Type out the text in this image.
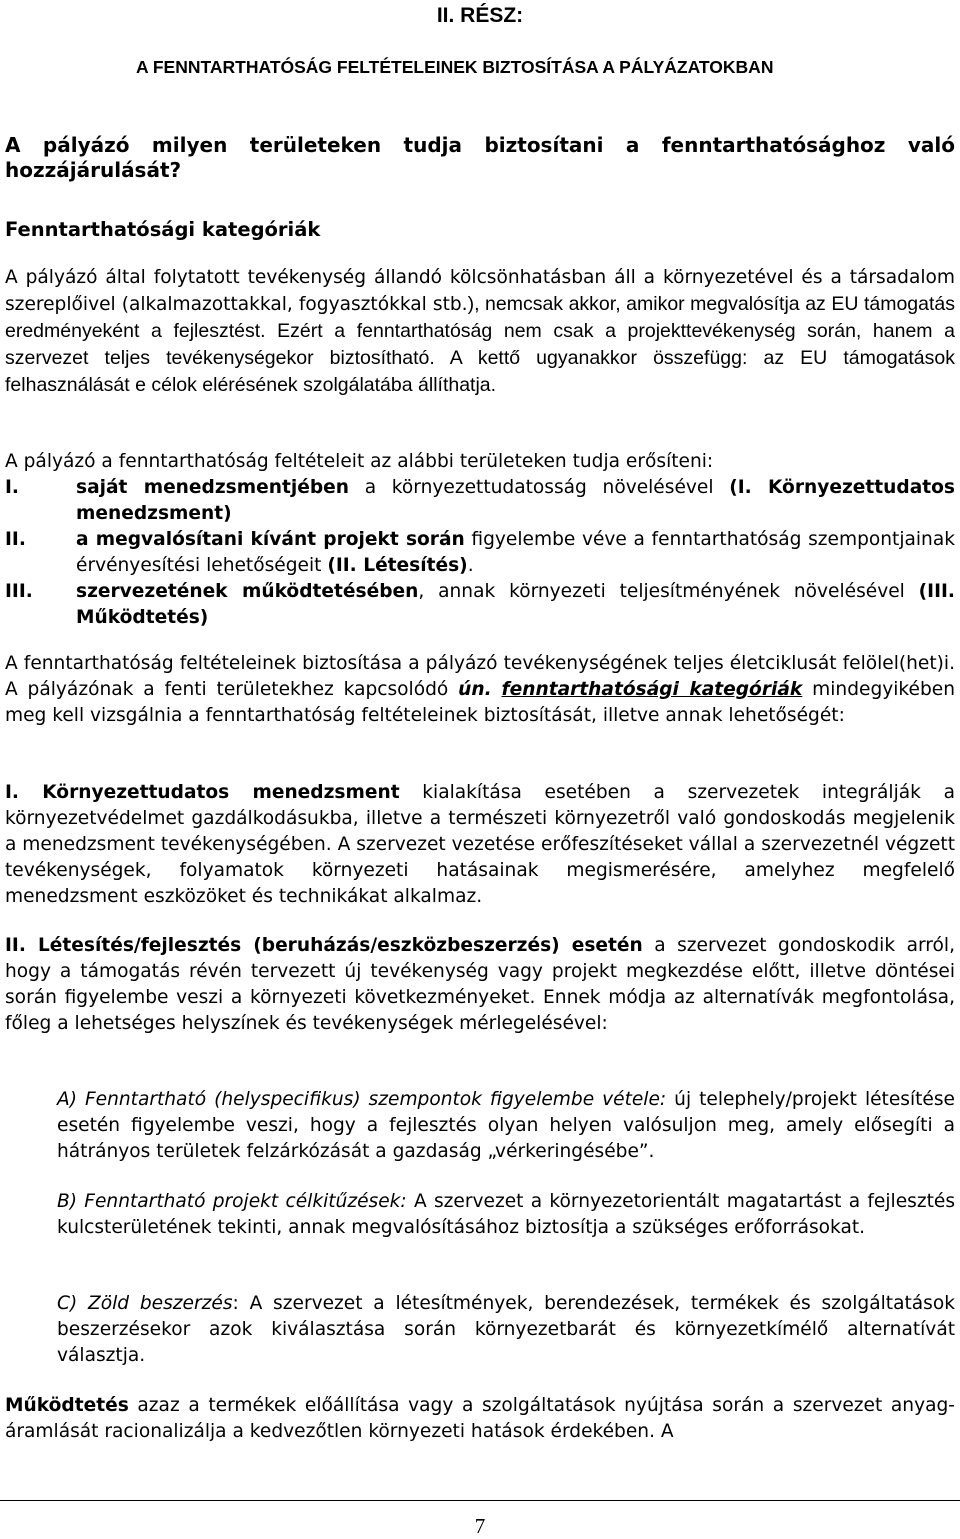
II. RÉSZ:
A FENNTARTHATÓSÁG FELTÉTELEINEK BIZTOSÍTÁSA A PÁLYÁZATOKBAN
A pályázó milyen területeken tudja biztosítani a fenntarthatósághoz való hozzájárulását?
Fenntarthatósági kategóriák
A pályázó által folytatott tevékenység állandó kölcsönhatásban áll a környezetével és a társadalom szereplőivel (alkalmazottakkal, fogyasztókkal stb.), nemcsak akkor, amikor megvalósítja az EU támogatás eredményeként a fejlesztést. Ezért a fenntarthatóság nem csak a projekttevékenység során, hanem a szervezet teljes tevékenységekor biztosítható. A kettő ugyanakkor összefügg: az EU támogatások felhasználását e célok elérésének szolgálatába állíthatja.
A pályázó a fenntarthatóság feltételeit az alábbi területeken tudja erősíteni:
I.	saját menedzsmentjében a környezettudatosság növelésével (I. Környezettudatos menedzsment)
II.	a megvalósítani kívánt projekt során figyelembe véve a fenntarthatóság szempontjainak érvényesítési lehetőségeit (II. Létesítés).
III.	szervezetének működtetésében, annak környezeti teljesítményének növelésével (III. Működtetés)
A fenntarthatóság feltételeinek biztosítása a pályázó tevékenységének teljes életciklusát felölel(het)i. A pályázónak a fenti területekhez kapcsolódó ún. fenntarthatósági kategóriák mindegyikében meg kell vizsgálnia a fenntarthatóság feltételeinek biztosítását, illetve annak lehetőségét:
I. Környezettudatos menedzsment kialakítása esetében a szervezetek integrálják a környezetvédelmet gazdálkodásukba, illetve a természeti környezetről való gondoskodás megjelenik a menedzsment tevékenységében. A szervezet vezetése erőfeszítéseket vállal a szervezetnél végzett tevékenységek, folyamatok környezeti hatásainak megismerésére, amelyhez megfelelő menedzsment eszközöket és technikákat alkalmaz.
II. Létesítés/fejlesztés (beruházás/eszközbeszerzés) esetén a szervezet gondoskodik arról, hogy a támogatás révén tervezett új tevékenység vagy projekt megkezdése előtt, illetve döntései során figyelembe veszi a környezeti következményeket. Ennek módja az alternatívák megfontolása, főleg a lehetséges helyszínek és tevékenységek mérlegelésével:
A) Fenntartható (helyspecifikus) szempontok figyelembe vétele: új telephely/projekt létesítése esetén figyelembe veszi, hogy a fejlesztés olyan helyen valósuljon meg, amely elősegíti a hátrányos területek felzárkózását a gazdaság „vérkeringésébe”.
B) Fenntartható projekt célkitűzések: A szervezet a környezetorientált magatartást a fejlesztés kulcsterületének tekinti, annak megvalósításához biztosítja a szükséges erőforrásokat.
C) Zöld beszerzés: A szervezet a létesítmények, berendezések, termékek és szolgáltatások beszerzésekor azok kiválasztása során környezetbarát és környezetkímélő alternatívát választja.
Működtetés azaz a termékek előállítása vagy a szolgáltatások nyújtása során a szervezet anyag-áramlását racionalizálja a kedvezőtlen környezeti hatások érdekében. A
7
